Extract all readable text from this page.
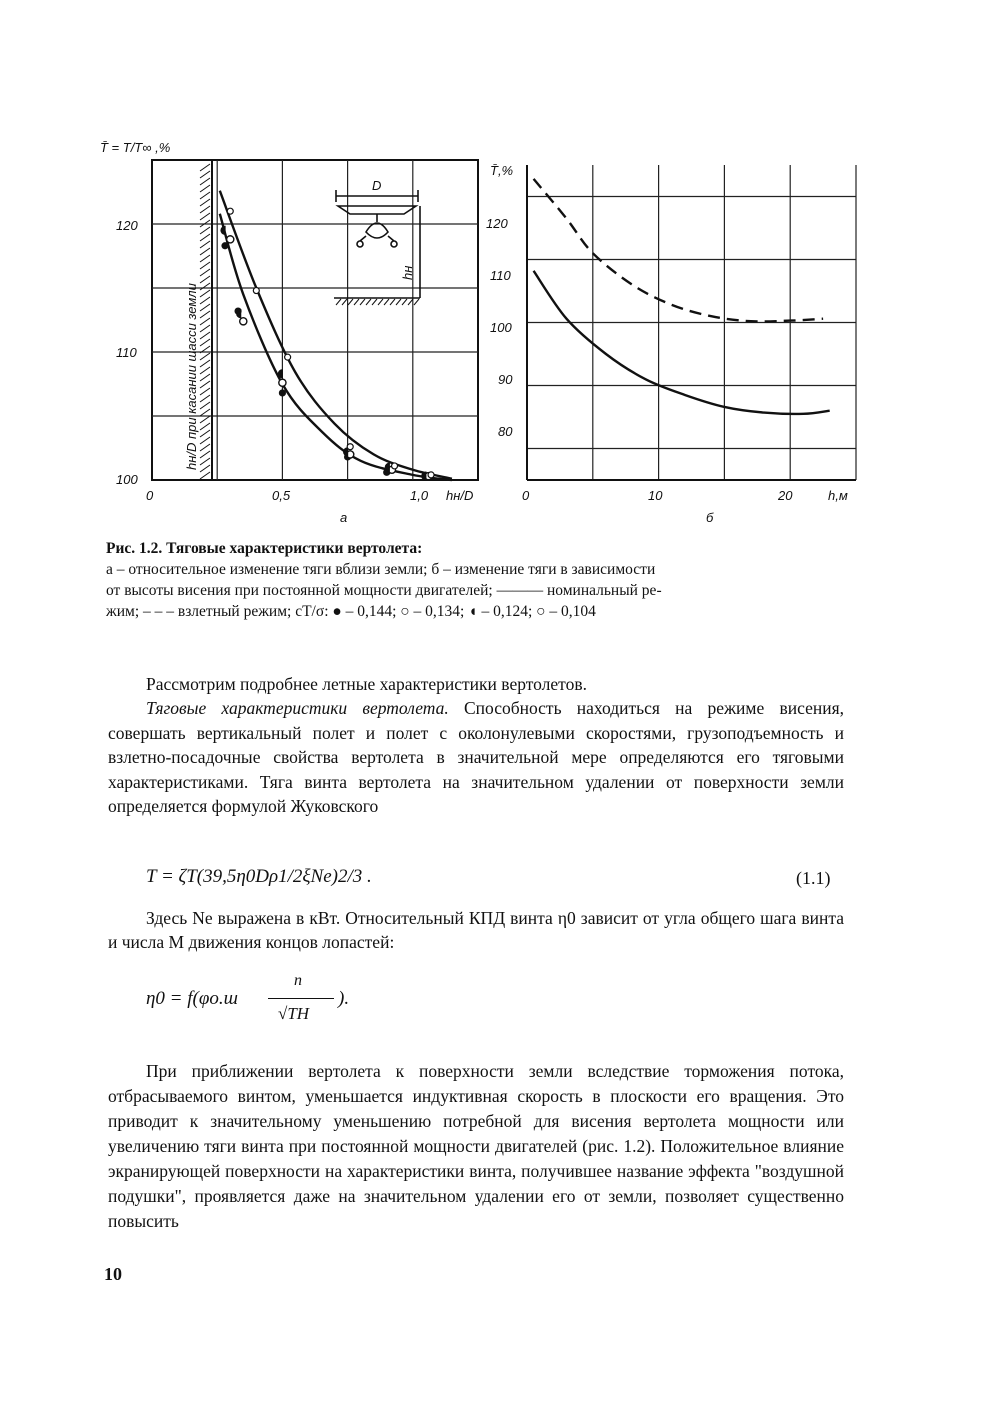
T̄ = T/T∞ ,%
hн/D при касании шасси земли
120
110
100
0	0,5	1,0 hн/D
а
D
hн
T̄,%
120
110
100
90
80
0	10	20	h,м
б
Рис. 1.2. Тяговые характеристики вертолета:
а – относительное изменение тяги вблизи земли; б – изменение тяги в зависимости
от высоты висения при постоянной мощности двигателей; ——— номинальный ре-
жим; – – – взлетный режим; cT/σ: ● – 0,144; ○ – 0,134; ◖ – 0,124; ○ – 0,104

Рассмотрим подробнее летные характеристики вертолетов.

Тяговые характеристики вертолета. Способность находиться на режиме висения, совершать вертикальный полет и полет с околонулевыми скоростями, грузоподъемность и взлетно-посадочные свойства вертолета в значительной мере определяются его тяговыми характеристиками. Тяга винта вертолета на значительном удалении от поверхности земли определяется формулой Жуковского

T = ζT(39,5η0Dρ1/2ξNe)2/3 .	(1.1)

Здесь Ne выражена в кВт. Относительный КПД винта η0 зависит от угла общего шага винта и числа М движения концов лопастей:

η0 = f(φо.ш
n
√TH
).

При приближении вертолета к поверхности земли вследствие торможения потока, отбрасываемого винтом, уменьшается индуктивная скорость в плоскости его вращения. Это приводит к значительному уменьшению потребной для висения вертолета мощности или увеличению тяги винта при постоянной мощности двигателей (рис. 1.2). Положительное влияние экранирующей поверхности на характеристики винта, получившее название эффекта "воздушной подушки", проявляется даже на значительном удалении его от земли, позволяет существенно повысить

10
